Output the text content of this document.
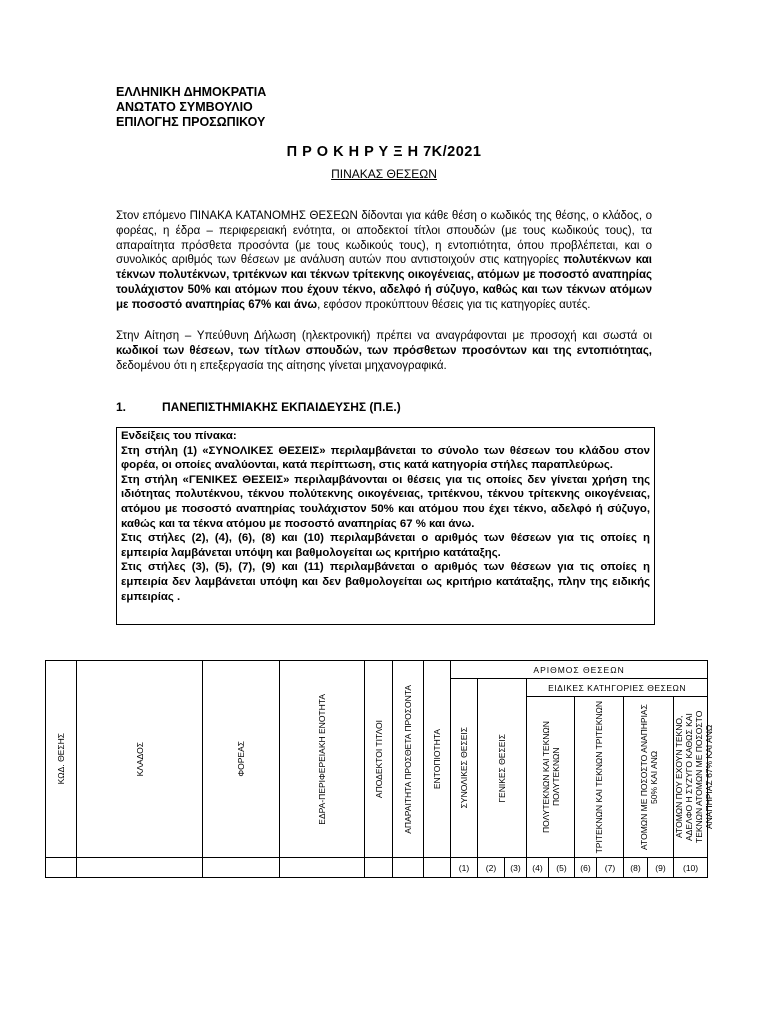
ΕΛΛΗΝΙΚΗ ΔΗΜΟΚΡΑΤΙΑ
ΑΝΩΤΑΤΟ ΣΥΜΒΟΥΛΙΟ
ΕΠΙΛΟΓΗΣ ΠΡΟΣΩΠΙΚΟΥ
Π Ρ Ο Κ Η Ρ Υ Ξ Η 7Κ/2021
ΠΙΝΑΚΑΣ ΘΕΣΕΩΝ
Στον επόμενο ΠΙΝΑΚΑ ΚΑΤΑΝΟΜΗΣ ΘΕΣΕΩΝ δίδονται για κάθε θέση ο κωδικός της θέσης, ο κλάδος, ο φορέας, η έδρα – περιφερειακή ενότητα, οι αποδεκτοί τίτλοι σπουδών (με τους κωδικούς τους), τα απαραίτητα πρόσθετα προσόντα (με τους κωδικούς τους), η εντοπιότητα, όπου προβλέπεται, και ο συνολικός αριθμός των θέσεων με ανάλυση αυτών που αντιστοιχούν στις κατηγορίες πολυτέκνων και τέκνων πολυτέκνων, τριτέκνων και τέκνων τρίτεκνης οικογένειας, ατόμων με ποσοστό αναπηρίας τουλάχιστον 50% και ατόμων που έχουν τέκνο, αδελφό ή σύζυγο, καθώς και των τέκνων ατόμων με ποσοστό αναπηρίας 67% και άνω, εφόσον προκύπτουν θέσεις για τις κατηγορίες αυτές.
Στην Αίτηση – Υπεύθυνη Δήλωση (ηλεκτρονική) πρέπει να αναγράφονται με προσοχή και σωστά οι κωδικοί των θέσεων, των τίτλων σπουδών, των πρόσθετων προσόντων και της εντοπιότητας, δεδομένου ότι η επεξεργασία της αίτησης γίνεται μηχανογραφικά.
1.	ΠΑΝΕΠΙΣΤΗΜΙΑΚΗΣ ΕΚΠΑΙΔΕΥΣΗΣ (Π.Ε.)

Ενδείξεις του πίνακα:

Στη στήλη (1) «ΣΥΝΟΛΙΚΕΣ ΘΕΣΕΙΣ» περιλαμβάνεται το σύνολο των θέσεων του κλάδου στον φορέα, οι οποίες αναλύονται, κατά περίπτωση, στις κατά κατηγορία στήλες παραπλεύρως.

Στη στήλη «ΓΕΝΙΚΕΣ ΘΕΣΕΙΣ» περιλαμβάνονται οι θέσεις για τις οποίες δεν γίνεται χρήση της ιδιότητας πολυτέκνου, τέκνου πολύτεκνης οικογένειας, τριτέκνου, τέκνου τρίτεκνης οικογένειας, ατόμου με ποσοστό αναπηρίας τουλάχιστον 50% και ατόμου που έχει τέκνο, αδελφό ή σύζυγο, καθώς και τα τέκνα ατόμου με ποσοστό αναπηρίας 67 % και άνω.

Στις στήλες (2), (4), (6), (8) και (10) περιλαμβάνεται ο αριθμός των θέσεων για τις οποίες η εμπειρία λαμβάνεται υπόψη και βαθμολογείται ως κριτήριο κατάταξης.

Στις στήλες (3), (5), (7), (9) και (11) περιλαμβάνεται ο αριθμός των θέσεων για τις οποίες η εμπειρία δεν λαμβάνεται υπόψη και δεν βαθμολογείται ως κριτήριο κατάταξης, πλην της ειδικής εμπειρίας .

ΚΩΔ. ΘΕΣΗΣ	ΚΛΑΔΟΣ	ΦΟΡΕΑΣ	ΕΔΡΑ-ΠΕΡΙΦΕΡΕΙΑΚΗ ΕΝΟΤΗΤΑ	ΑΠΟΔΕΚΤΟΙ ΤΙΤΛΟΙ	ΑΠΑΡΑΙΤΗΤΑ ΠΡΟΣΘΕΤΑ ΠΡΟΣΟΝΤΑ	ΕΝΤΟΠΙΟΤΗΤΑ	ΑΡΙΘΜΟΣ ΘΕΣΕΩΝ										

							ΣΥΝΟΛΙΚΕΣ ΘΕΣΕΙΣ	ΓΕΝΙΚΕΣ ΘΕΣΕΙΣ		ΕΙΔΙΚΕΣ ΚΑΤΗΓΟΡΙΕΣ ΘΕΣΕΩΝ							

										ΠΟΛΥΤΕΚΝΩΝ ΚΑΙ ΤΕΚΝΩΝ ΠΟΛΥΤΕΚΝΩΝ		ΤΡΙΤΕΚΝΩΝ ΚΑΙ ΤΕΚΝΩΝ ΤΡΙΤΕΚΝΩΝ		ΑΤΟΜΩΝ ΜΕ ΠΟΣΟΣΤΟ ΑΝΑΠΗΡΙΑΣ 50% ΚΑΙ ΑΝΩ		ΑΤΟΜΩΝ ΠΟΥ ΕΧΟΥΝ ΤΕΚΝΟ, ΑΔΕΛΦΟ Η ΣΥΖΥΓΟ ΚΑΘΩΣ ΚΑΙ ΤΕΚΝΩΝ ΑΤΟΜΩΝ ΜΕ ΠΟΣΟΣΤΟ ΑΝΑΠΗΡΙΑΣ 67% ΚΑΙ ΑΝΩ	

							(1)	(2)	(3)	(4)	(5)	(6)	(7)	(8)	(9)	(10)	
